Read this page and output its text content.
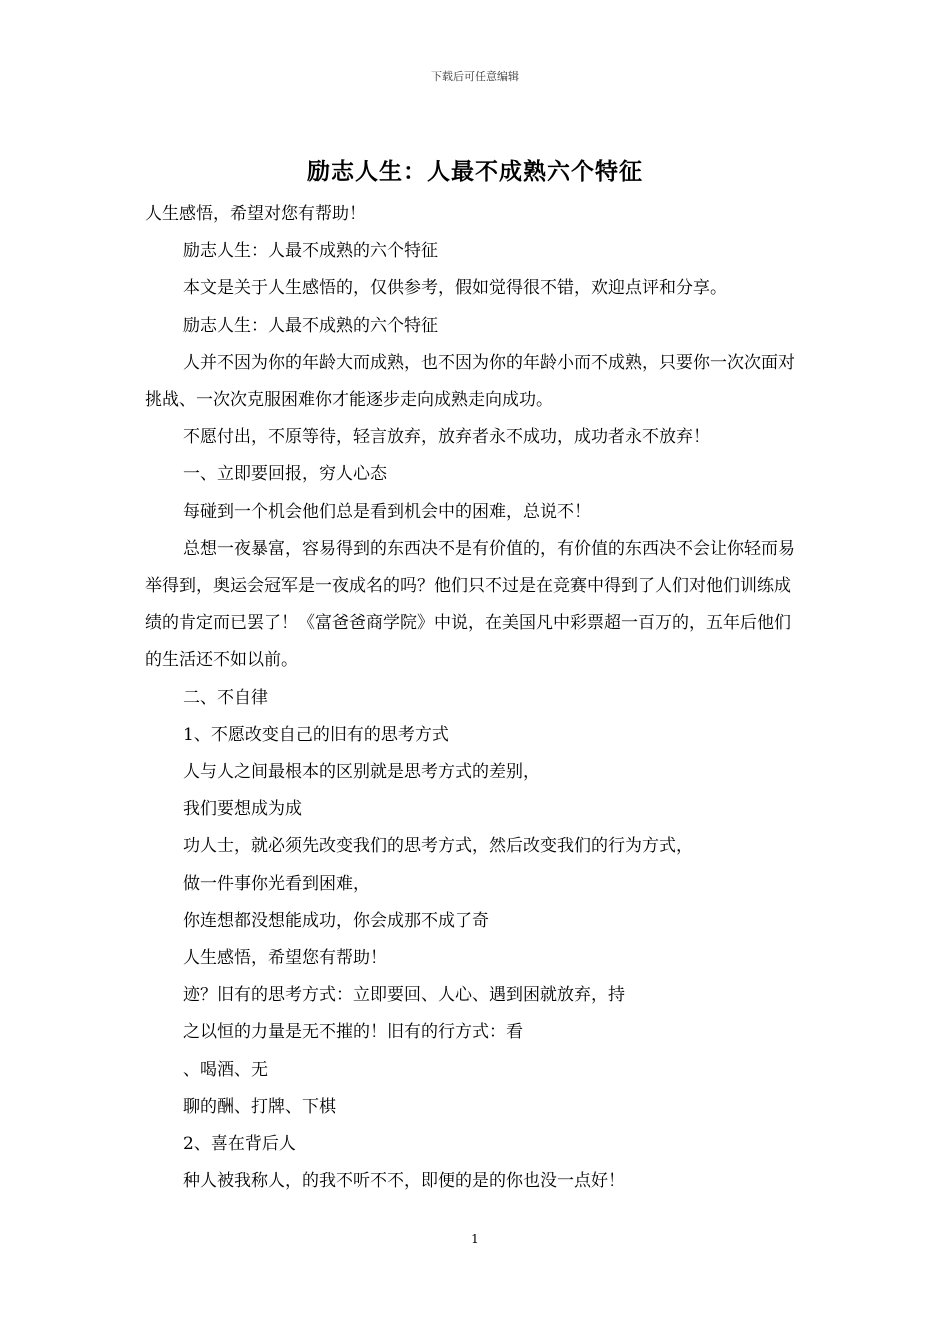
下载后可任意编辑
励志人生：人最不成熟六个特征

人生感悟，希望对您有帮助！

励志人生：人最不成熟的六个特征

本文是关于人生感悟的，仅供参考，假如觉得很不错，欢迎点评和分享。

励志人生：人最不成熟的六个特征

人并不因为你的年龄大而成熟，也不因为你的年龄小而不成熟，只要你一次次面对挑战、一次次克服困难你才能逐步走向成熟走向成功。

不愿付出，不原等待，轻言放弃，放弃者永不成功，成功者永不放弃！

一、立即要回报，穷人心态

每碰到一个机会他们总是看到机会中的困难，总说不！

总想一夜暴富，容易得到的东西决不是有价值的，有价值的东西决不会让你轻而易举得到，奥运会冠军是一夜成名的吗？他们只不过是在竞赛中得到了人们对他们训练成绩的肯定而已罢了！《富爸爸商学院》中说，在美国凡中彩票超一百万的，五年后他们的生活还不如以前。

二、不自律

1、不愿改变自己的旧有的思考方式

人与人之间最根本的区别就是思考方式的差别，

我们要想成为成

功人士，就必须先改变我们的思考方式，然后改变我们的行为方式，

做一件事你光看到困难，

你连想都没想能成功，你会成那不成了奇

人生感悟，希望您有帮助！

迹？旧有的思考方式：立即要回、人心、遇到困就放弃，持

之以恒的力量是无不摧的！旧有的行方式：看

、喝酒、无

聊的酬、打牌、下棋

2、喜在背后人

种人被我称人，的我不听不不，即便的是的你也没一点好！

1
